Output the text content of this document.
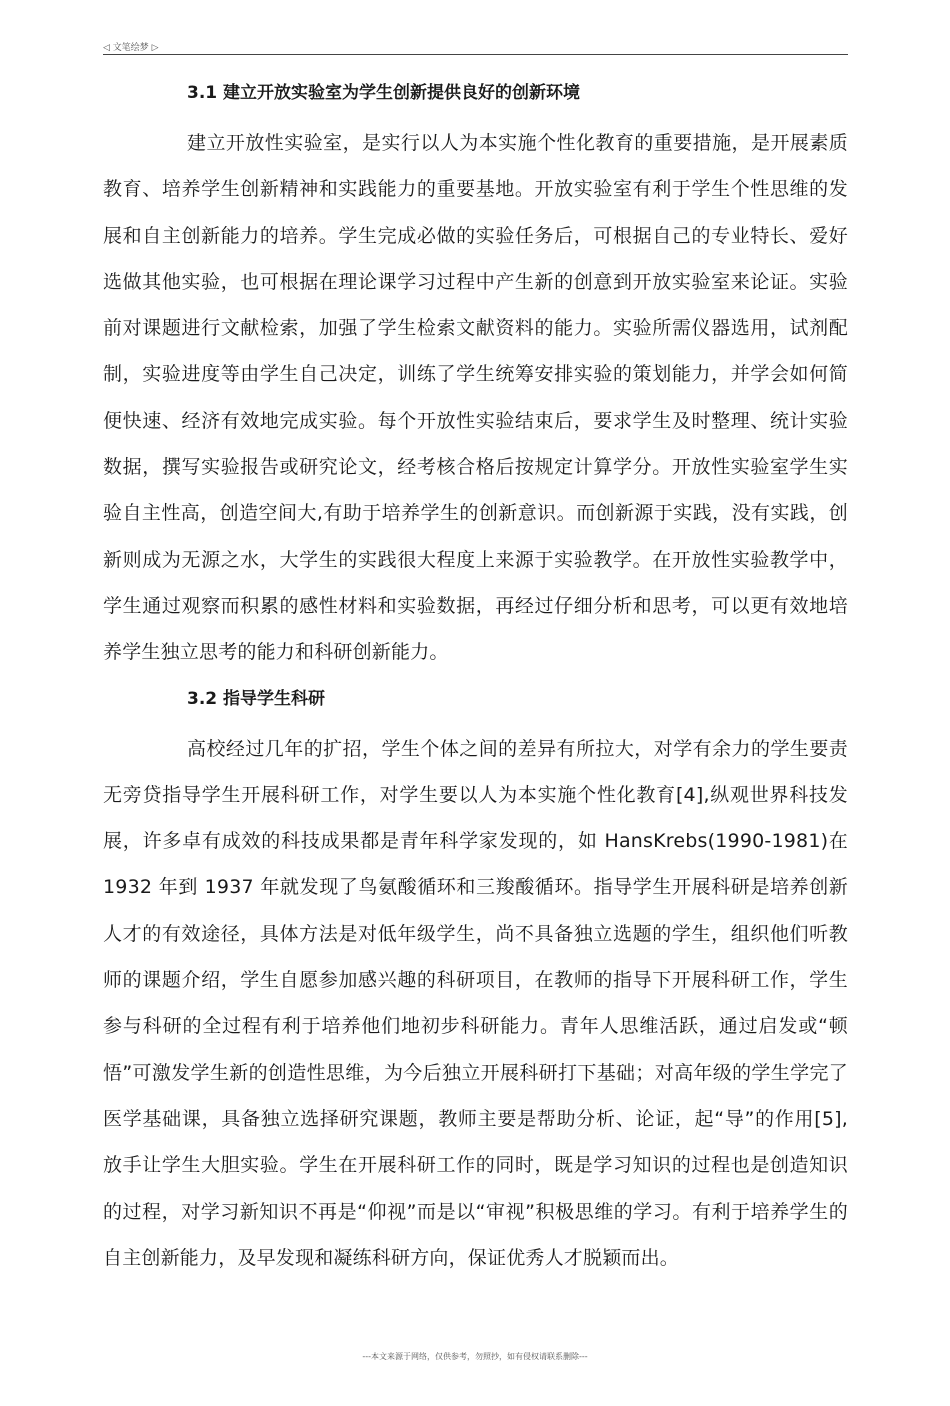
◁ 文笔绘梦 ▷
3.1 建立开放实验室为学生创新提供良好的创新环境

建立开放性实验室，是实行以人为本实施个性化教育的重要措施，是开展素质教育、培养学生创新精神和实践能力的重要基地。开放实验室有利于学生个性思维的发展和自主创新能力的培养。学生完成必做的实验任务后，可根据自己的专业特长、爱好选做其他实验，也可根据在理论课学习过程中产生新的创意到开放实验室来论证。实验前对课题进行文献检索，加强了学生检索文献资料的能力。实验所需仪器选用，试剂配制，实验进度等由学生自己决定，训练了学生统筹安排实验的策划能力，并学会如何简便快速、经济有效地完成实验。每个开放性实验结束后，要求学生及时整理、统计实验数据，撰写实验报告或研究论文，经考核合格后按规定计算学分。开放性实验室学生实验自主性高，创造空间大,有助于培养学生的创新意识。而创新源于实践，没有实践，创新则成为无源之水，大学生的实践很大程度上来源于实验教学。在开放性实验教学中，学生通过观察而积累的感性材料和实验数据，再经过仔细分析和思考，可以更有效地培养学生独立思考的能力和科研创新能力。

3.2 指导学生科研

高校经过几年的扩招，学生个体之间的差异有所拉大，对学有余力的学生要责无旁贷指导学生开展科研工作，对学生要以人为本实施个性化教育[4],纵观世界科技发展，许多卓有成效的科技成果都是青年科学家发现的，如 HansKrebs(1990-1981)在 1932 年到 1937 年就发现了鸟氨酸循环和三羧酸循环。指导学生开展科研是培养创新人才的有效途径，具体方法是对低年级学生，尚不具备独立选题的学生，组织他们听教师的课题介绍，学生自愿参加感兴趣的科研项目，在教师的指导下开展科研工作，学生参与科研的全过程有利于培养他们地初步科研能力。青年人思维活跃，通过启发或“顿悟”可激发学生新的创造性思维，为今后独立开展科研打下基础；对高年级的学生学完了医学基础课，具备独立选择研究课题，教师主要是帮助分析、论证，起“导”的作用[5],放手让学生大胆实验。学生在开展科研工作的同时，既是学习知识的过程也是创造知识的过程，对学习新知识不再是“仰视”而是以“审视”积极思维的学习。有利于培养学生的自主创新能力，及早发现和凝练科研方向，保证优秀人才脱颖而出。

---本文来源于网络，仅供参考，勿照抄，如有侵权请联系删除---
